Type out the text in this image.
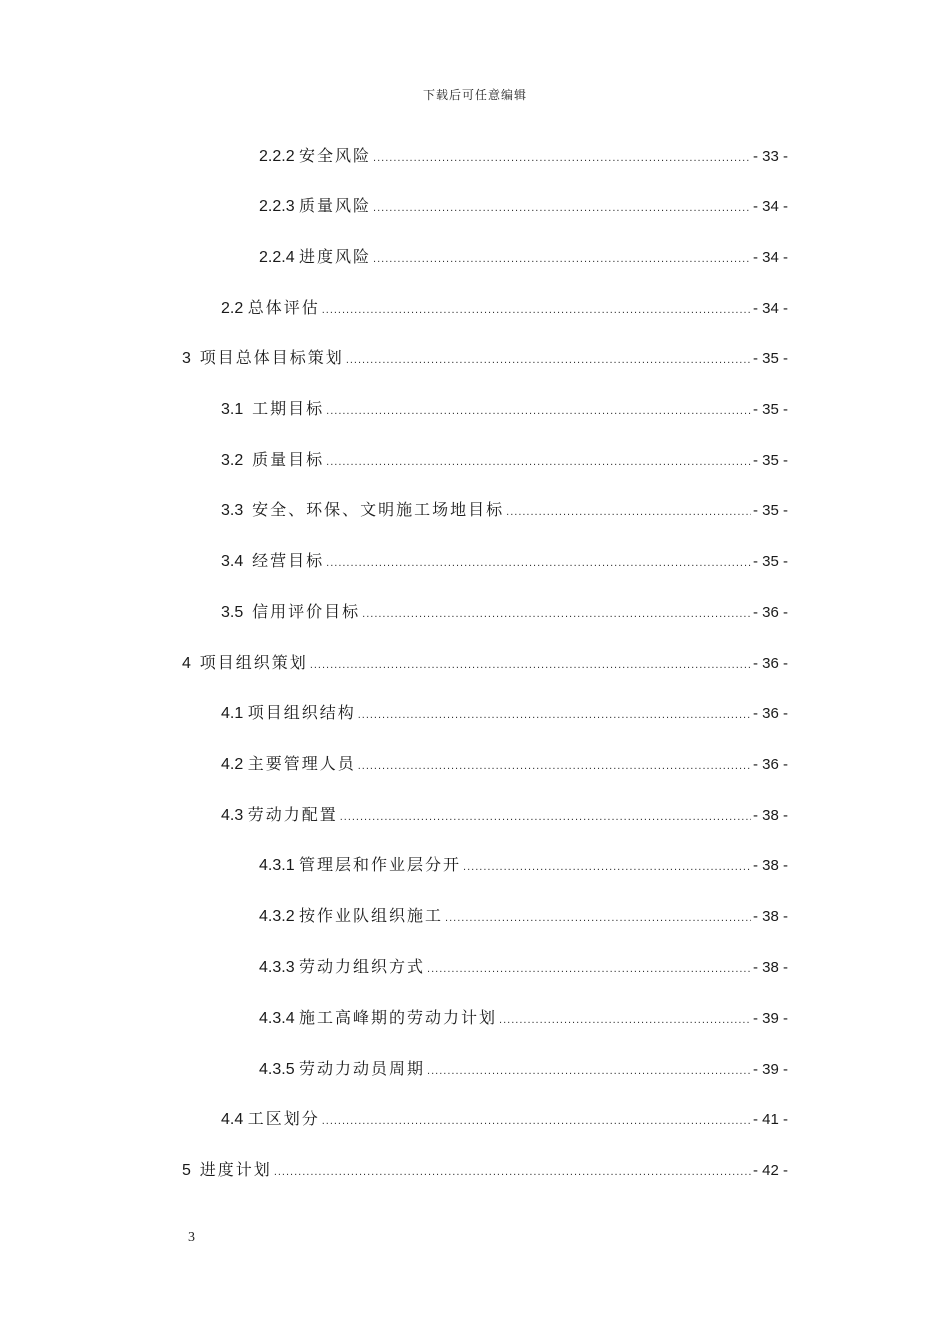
下载后可任意编辑
2.2.2 安全风险 .....	- 33 -
2.2.3 质量风险 .....	- 34 -
2.2.4 进度风险 .....	- 34 -
2.2 总体评估 .....	- 34 -
3 项目总体目标策划 .....	- 35 -
3.1 工期目标 .....	- 35 -
3.2 质量目标 .....	- 35 -
3.3 安全、环保、文明施工场地目标 .....	- 35 -
3.4 经营目标 .....	- 35 -
3.5 信用评价目标 .....	- 36 -
4 项目组织策划 .....	- 36 -
4.1 项目组织结构 .....	- 36 -
4.2 主要管理人员 .....	- 36 -
4.3 劳动力配置 .....	- 38 -
4.3.1 管理层和作业层分开 .....	- 38 -
4.3.2 按作业队组织施工 .....	- 38 -
4.3.3 劳动力组织方式 .....	- 38 -
4.3.4 施工高峰期的劳动力计划 .....	- 39 -
4.3.5 劳动力动员周期 .....	- 39 -
4.4 工区划分 .....	- 41 -
5 进度计划 .....	- 42 -
3
